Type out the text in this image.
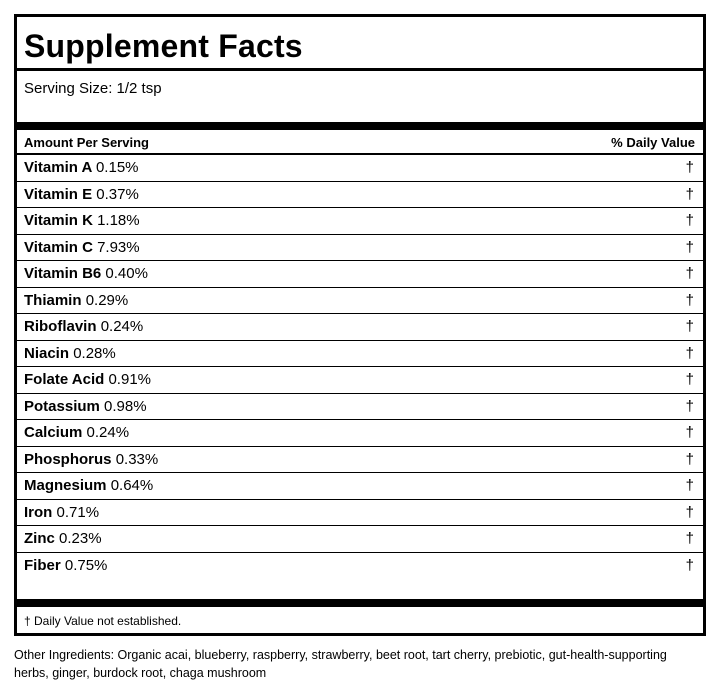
Supplement Facts
Serving Size: 1/2 tsp
Amount Per Serving	% Daily Value
Vitamin A 0.15%	†
Vitamin E 0.37%	†
Vitamin K 1.18%	†
Vitamin C 7.93%	†
Vitamin B6 0.40%	†
Thiamin 0.29%	†
Riboflavin 0.24%	†
Niacin 0.28%	†
Folate Acid 0.91%	†
Potassium 0.98%	†
Calcium 0.24%	†
Phosphorus 0.33%	†
Magnesium 0.64%	†
Iron 0.71%	†
Zinc 0.23%	†
Fiber 0.75%	†
† Daily Value not established.
Other Ingredients: Organic acai, blueberry, raspberry, strawberry, beet root, tart cherry, prebiotic, gut-health-supporting herbs, ginger, burdock root, chaga mushroom
